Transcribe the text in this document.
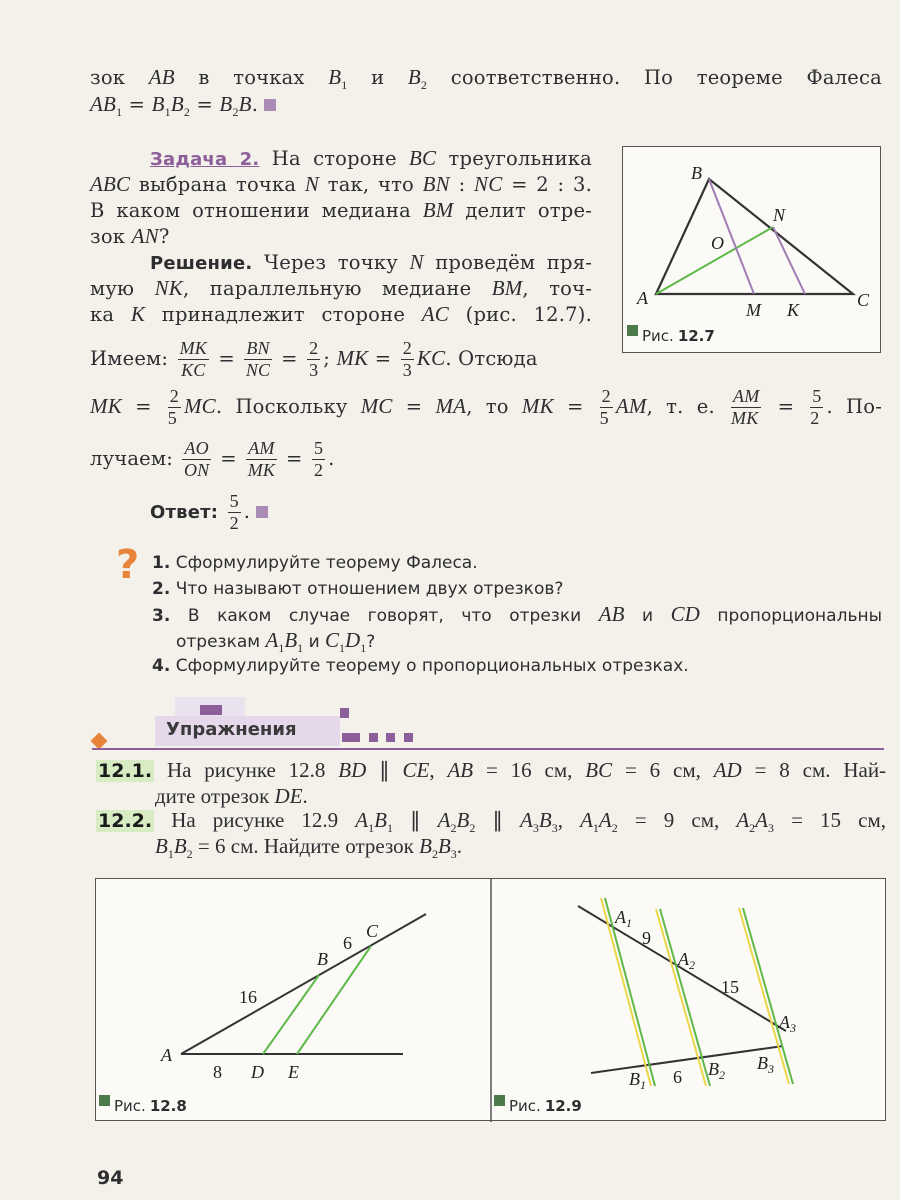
зок AB в точках $B_1$ и $B_2$ соответственно. По теореме Фалеса
$AB_1 = B_1B_2 = B_2B$.
Задача 2. На стороне BC треугольника
ABC выбрана точка N так, что BN : NC = 2 : 3.
В каком отношении медиана BM делит отре-
зок AN?
Решение. Через точку N проведём пря-
мую NK, параллельную медиане BM, точ-
ка K принадлежит стороне AC (рис. 12.7).
Имеем: $\frac{MK}{KC} = \frac{BN}{NC} = \frac{2}{3}$ ; MK = $\frac{2}{3}$ KC. Отсюда
MK = $\frac{2}{5}$ MC. Поскольку MC = MA, то MK = $\frac{2}{5}$ AM, т. е. $\frac{AM}{MK} = \frac{5}{2}$ . По-
лучаем: $\frac{AO}{ON} = \frac{AM}{MK} = \frac{5}{2}$ .
Ответ: $\frac{5}{2}$ .
B
N
O
A
M K	C
Рис. 12.7
? 1. Сформулируйте теорему Фалеса.
2. Что называют отношением двух отрезков?
3. В каком случае говорят, что отрезки AB и CD пропорциональны
отрезкам $A_1B_1$ и $C_1D_1$?
4. Сформулируйте теорему о пропорциональных отрезках.
Упражнения
12.1. На рисунке 12.8 BD ∥ CE, AB = 16 см, BC = 6 см, AD = 8 см. Най-
дите отрезок DE.
12.2. На рисунке 12.9 $A_1B_1$ ∥ $A_2B_2$ ∥ $A_3B_3$, $A_1A_2 = 9$ см, $A_2A_3 = 15$ см,
$B_1B_2 = 6$ см. Найдите отрезок $B_2B_3$.
A
B
C
D E
16
6
8
$A_1$
9
$A_2$
15
$A_3$
$B_1$ 6 $B_2$
$B_3$
Рис. 12.8	Рис. 12.9
94
